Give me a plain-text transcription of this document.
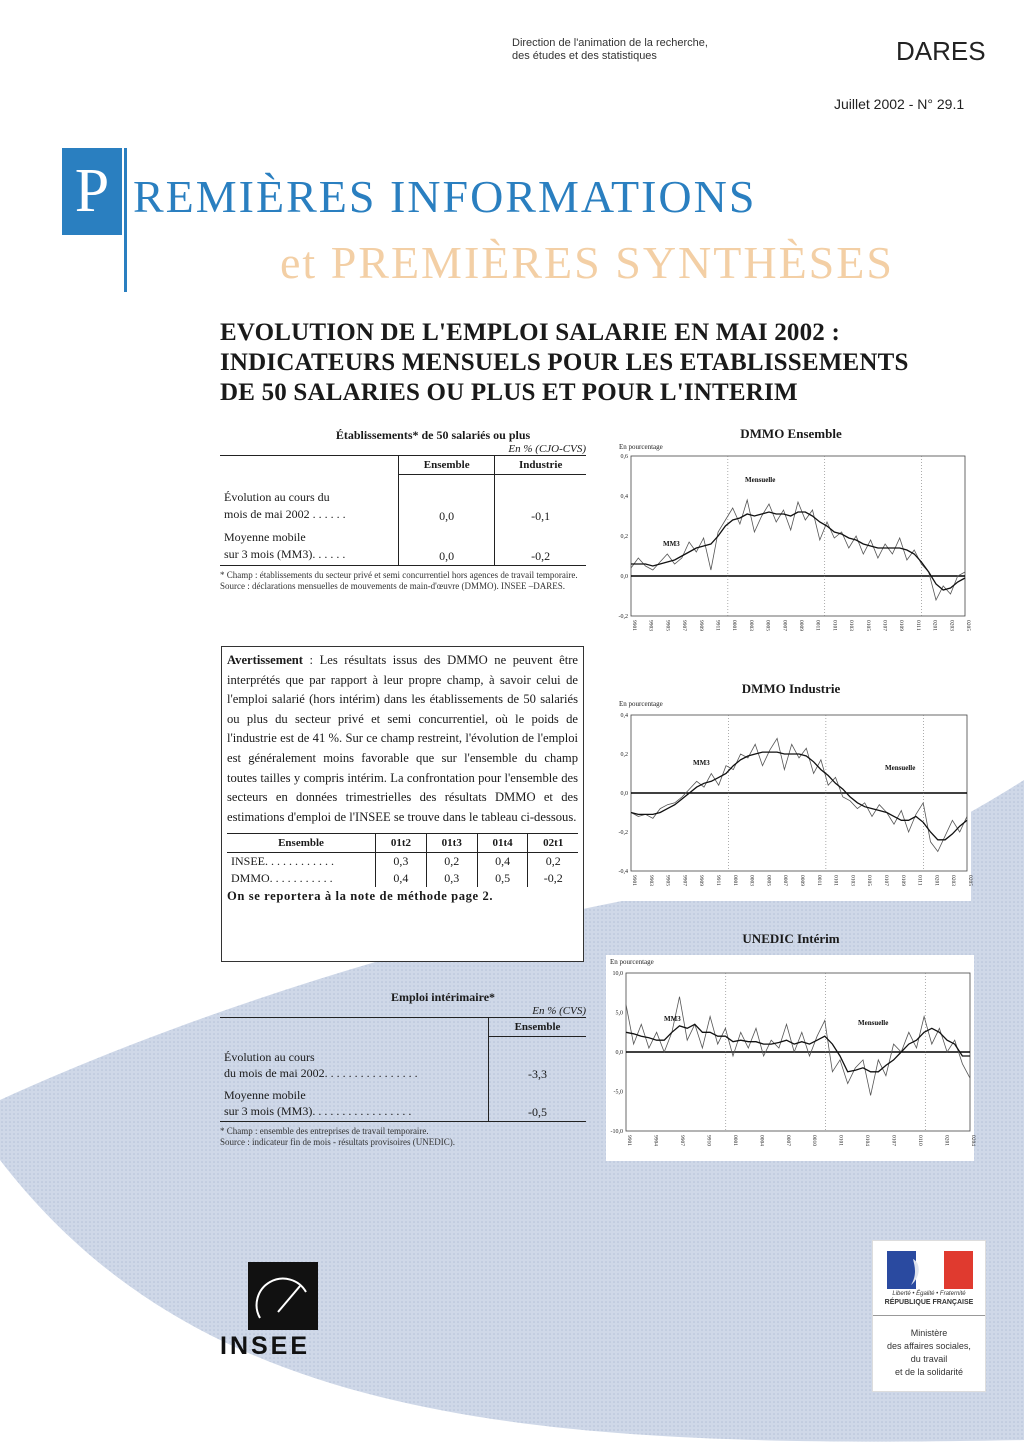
Direction de l'animation de la recherche,
des études et des statistiques	DARES
Juillet 2002 - N° 29.1
P REMIÈRES INFORMATIONS
et PREMIÈRES SYNTHÈSES
EVOLUTION DE L'EMPLOI SALARIE EN MAI 2002 :
INDICATEURS MENSUELS POUR LES ETABLISSEMENTS
DE 50 SALARIES OU PLUS ET POUR L'INTERIM
Établissements* de 50 salariés ou plus
En % (CJO-CVS)
	Ensemble	Industrie

Évolution au cours du
mois de mai 2002 . . . . . .	0,0	-0,1

Moyenne mobile
sur 3 mois (MM3). . . . . .	0,0	-0,2
* Champ : établissements du secteur privé et semi concurrentiel hors agences de travail temporaire.
Source : déclarations mensuelles de mouvements de main-d'œuvre (DMMO). INSEE –DARES.
Avertissement : Les résultats issus des DMMO ne peuvent être interprétés que par rapport à leur propre champ, à savoir celui de l'emploi salarié (hors intérim) dans les établissements de 50 salariés ou plus du secteur privé et semi concurrentiel, où le poids de l'industrie est de 41 %. Sur ce champ restreint, l'évolution de l'emploi est généralement moins favorable que sur l'ensemble du champ toutes tailles y compris intérim. La confrontation pour l'ensemble des secteurs en données trimestrielles des résultats DMMO et des estimations d'emploi de l'INSEE se trouve dans le tableau ci-dessous.
Ensemble	01t2	01t3	01t4	02t1
INSEE. . . . . . . . . . . .	0,3	0,2	0,4	0,2
DMMO. . . . . . . . . . .	0,4	0,3	0,5	-0,2
On se reportera à la note de méthode page 2.
Emploi intérimaire*
En % (CVS)
	Ensemble

Évolution au cours
du mois de mai 2002. . . . . . . . . . . . . . . .	-3,3

Moyenne mobile
sur 3 mois (MM3). . . . . . . . . . . . . . . . .	-0,5
* Champ : ensemble des entreprises de travail temporaire.
Source : indicateur fin de mois - résultats provisoires (UNEDIC).
DMMO Ensemble
En pourcentage
0,6
0,4
0,2
0,0
-0,2
9901 9903 9905 9907 9909 9911 0001 0003 0005 0007 0009 0011 0101 0103 0105 0107 0109 0111 0201 0203 0205
Mensuelle
MM3
DMMO Industrie
En pourcentage
0,4
0,2
0,0
-0,2
-0,4
9901 9903 9905 9907 9909 9911 0001 0003 0005 0007 0009 0011 0101 0103 0105 0107 0109 0111 0201 0203 0205
MM3
Mensuelle
UNEDIC Intérim
En pourcentage
10,0
5,0
0,0
-5,0
-10,0
9901	9904	9907	9910	0001	0004	0007	0010	0101	0104	0107	0110	0201	0204
MM3	Mensuelle
INSEE
Liberté • Égalité • Fraternité
RÉPUBLIQUE FRANÇAISE
Ministère
des affaires sociales,
du travail
et de la solidarité
